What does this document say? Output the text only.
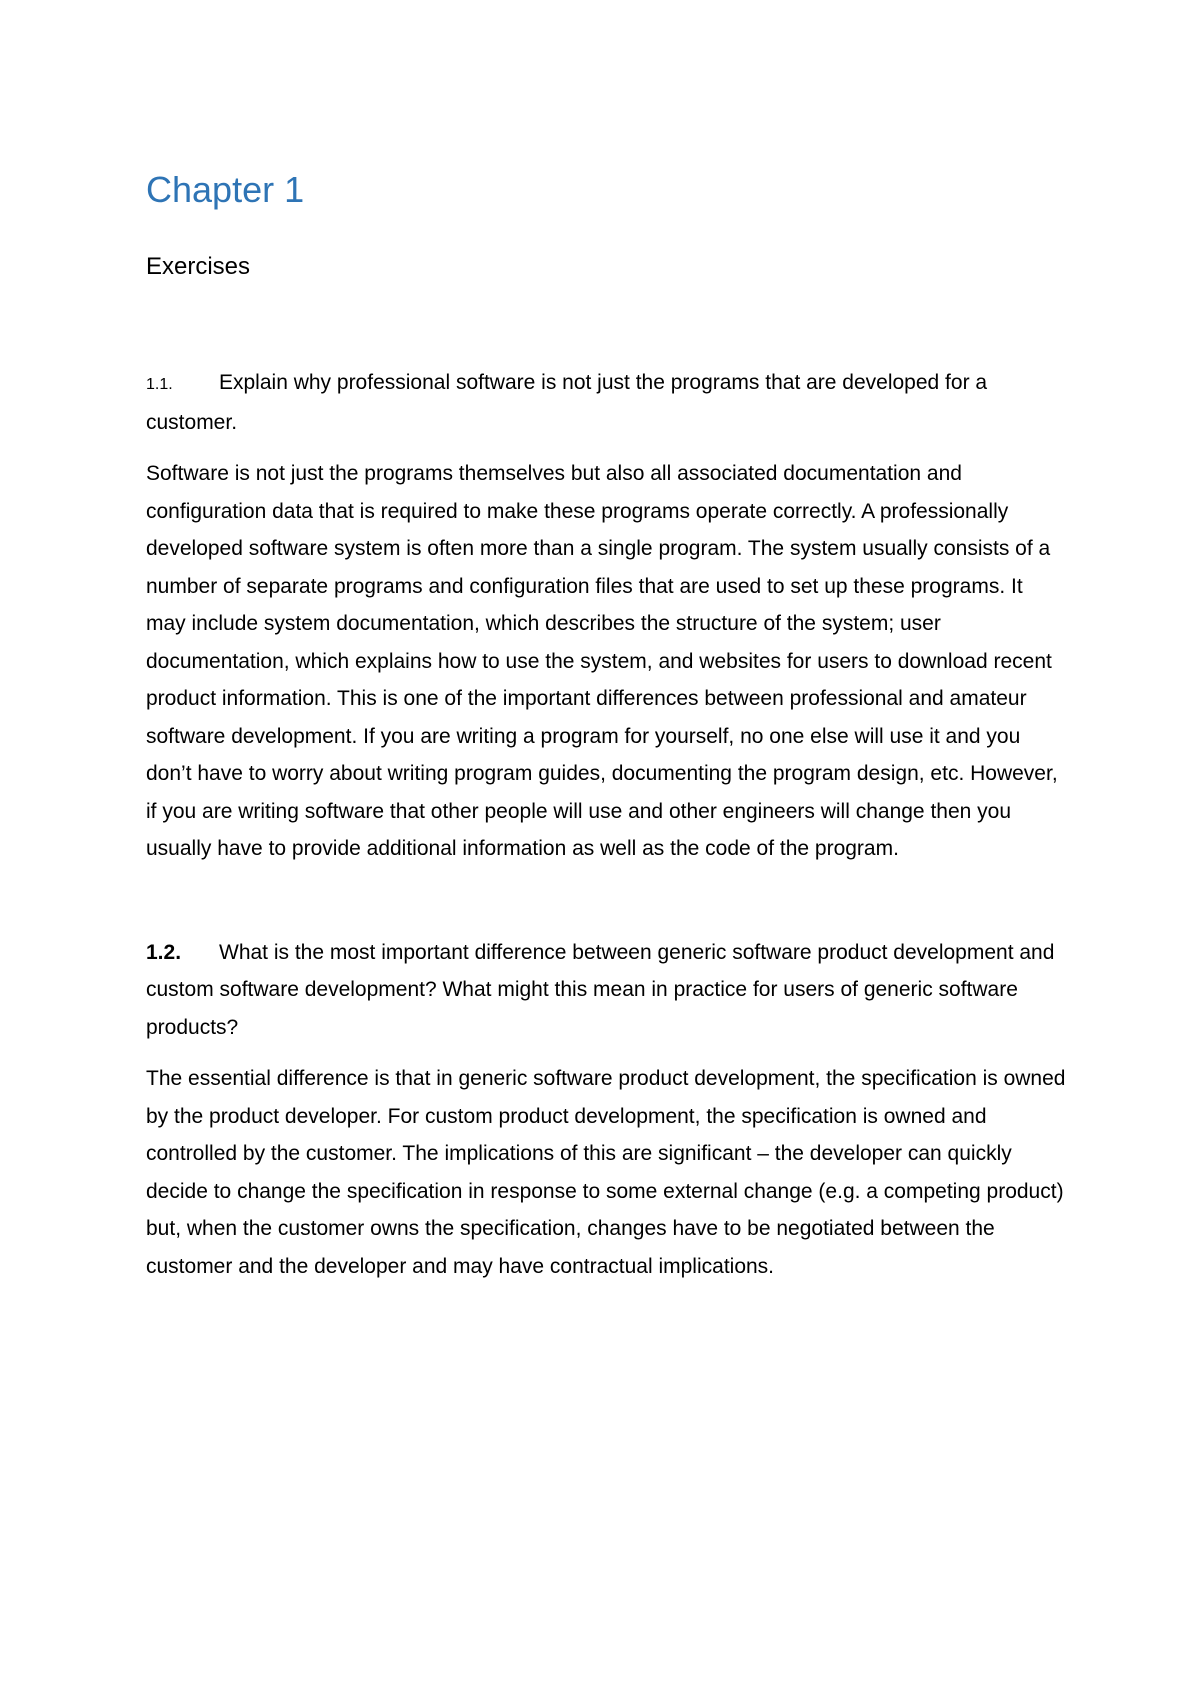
Chapter 1
Exercises

1.1. Explain why professional software is not just the programs that are developed for a customer.

Software is not just the programs themselves but also all associated documentation and configuration data that is required to make these programs operate correctly. A professionally developed software system is often more than a single program. The system usually consists of a number of separate programs and configuration files that are used to set up these programs. It may include system documentation, which describes the structure of the system; user documentation, which explains how to use the system, and websites for users to download recent product information. This is one of the important differences between professional and amateur software development. If you are writing a program for yourself, no one else will use it and you don’t have to worry about writing program guides, documenting the program design, etc. However, if you are writing software that other people will use and other engineers will change then you usually have to provide additional information as well as the code of the program.

1.2. What is the most important difference between generic software product development and custom software development? What might this mean in practice for users of generic software products?

The essential difference is that in generic software product development, the specification is owned by the product developer. For custom product development, the specification is owned and controlled by the customer. The implications of this are significant – the developer can quickly decide to change the specification in response to some external change (e.g. a competing product) but, when the customer owns the specification, changes have to be negotiated between the customer and the developer and may have contractual implications.
